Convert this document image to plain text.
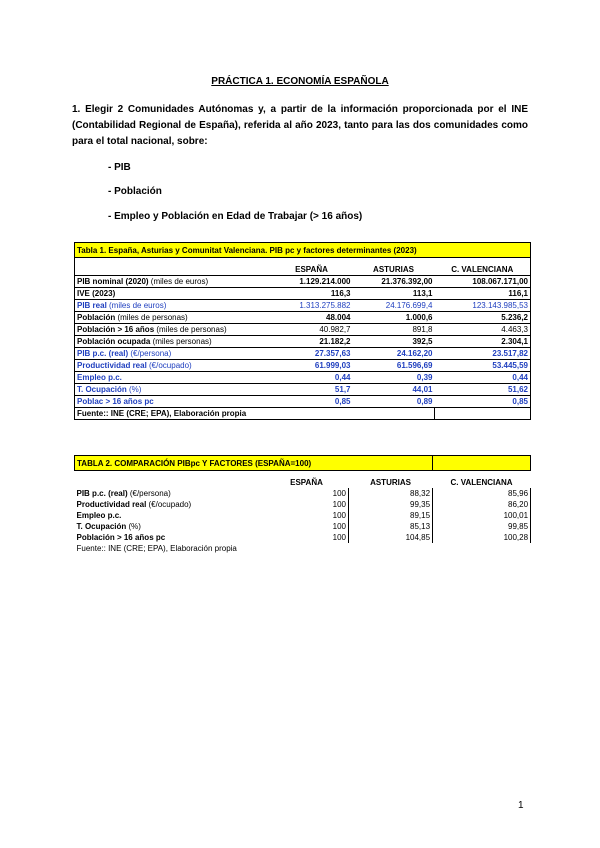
PRÁCTICA 1. ECONOMÍA ESPAÑOLA
1. Elegir 2 Comunidades Autónomas y, a partir de la información proporcionada por el INE (Contabilidad Regional de España), referida al año 2023, tanto para las dos comunidades como para el total nacional, sobre:
- PIB
- Población
- Empleo y Población en Edad de Trabajar (> 16 años)
Tabla 1. España, Asturias y Comunitat Valenciana. PIB pc y factores determinantes (2023)			

	ESPAÑA	ASTURIAS	C. VALENCIANA
PIB nominal (2020) (miles de euros)	1.129.214.000	21.376.392,00	108.067.171,00
IVE (2023)	116,3	113,1	116,1
PIB real (miles de euros)	1.313.275.882	24.176.699,4	123.143.985,53
Población (miles de personas)	48.004	1.000,6	5.236,2
Población > 16 años (miles de personas)	40.982,7	891,8	4.463,3
Población ocupada (miles personas)	21.182,2	392,5	2.304,1
PIB p.c. (real) (€/persona)	27.357,63	24.162,20	23.517,82
Productividad real (€/ocupado)	61.999,03	61.596,69	53.445,59
Empleo p.c.	0,44	0,39	0,44
T. Ocupación (%)	51,7	44,01	51,62
Poblac > 16 años pc	0,85	0,89	0,85
Fuente:: INE (CRE; EPA), Elaboración propia			
TABLA 2. COMPARACIÓN PIBpc Y FACTORES (ESPAÑA=100)			

	ESPAÑA	ASTURIAS	C. VALENCIANA
PIB p.c. (real) (€/persona)	100	88,32	85,96
Productividad real (€/ocupado)	100	99,35	86,20
Empleo p.c.	100	89,15	100,01
T. Ocupación (%)	100	85,13	99,85
Población > 16 años pc	100	104,85	100,28
Fuente:: INE (CRE; EPA), Elaboración propia			
1
